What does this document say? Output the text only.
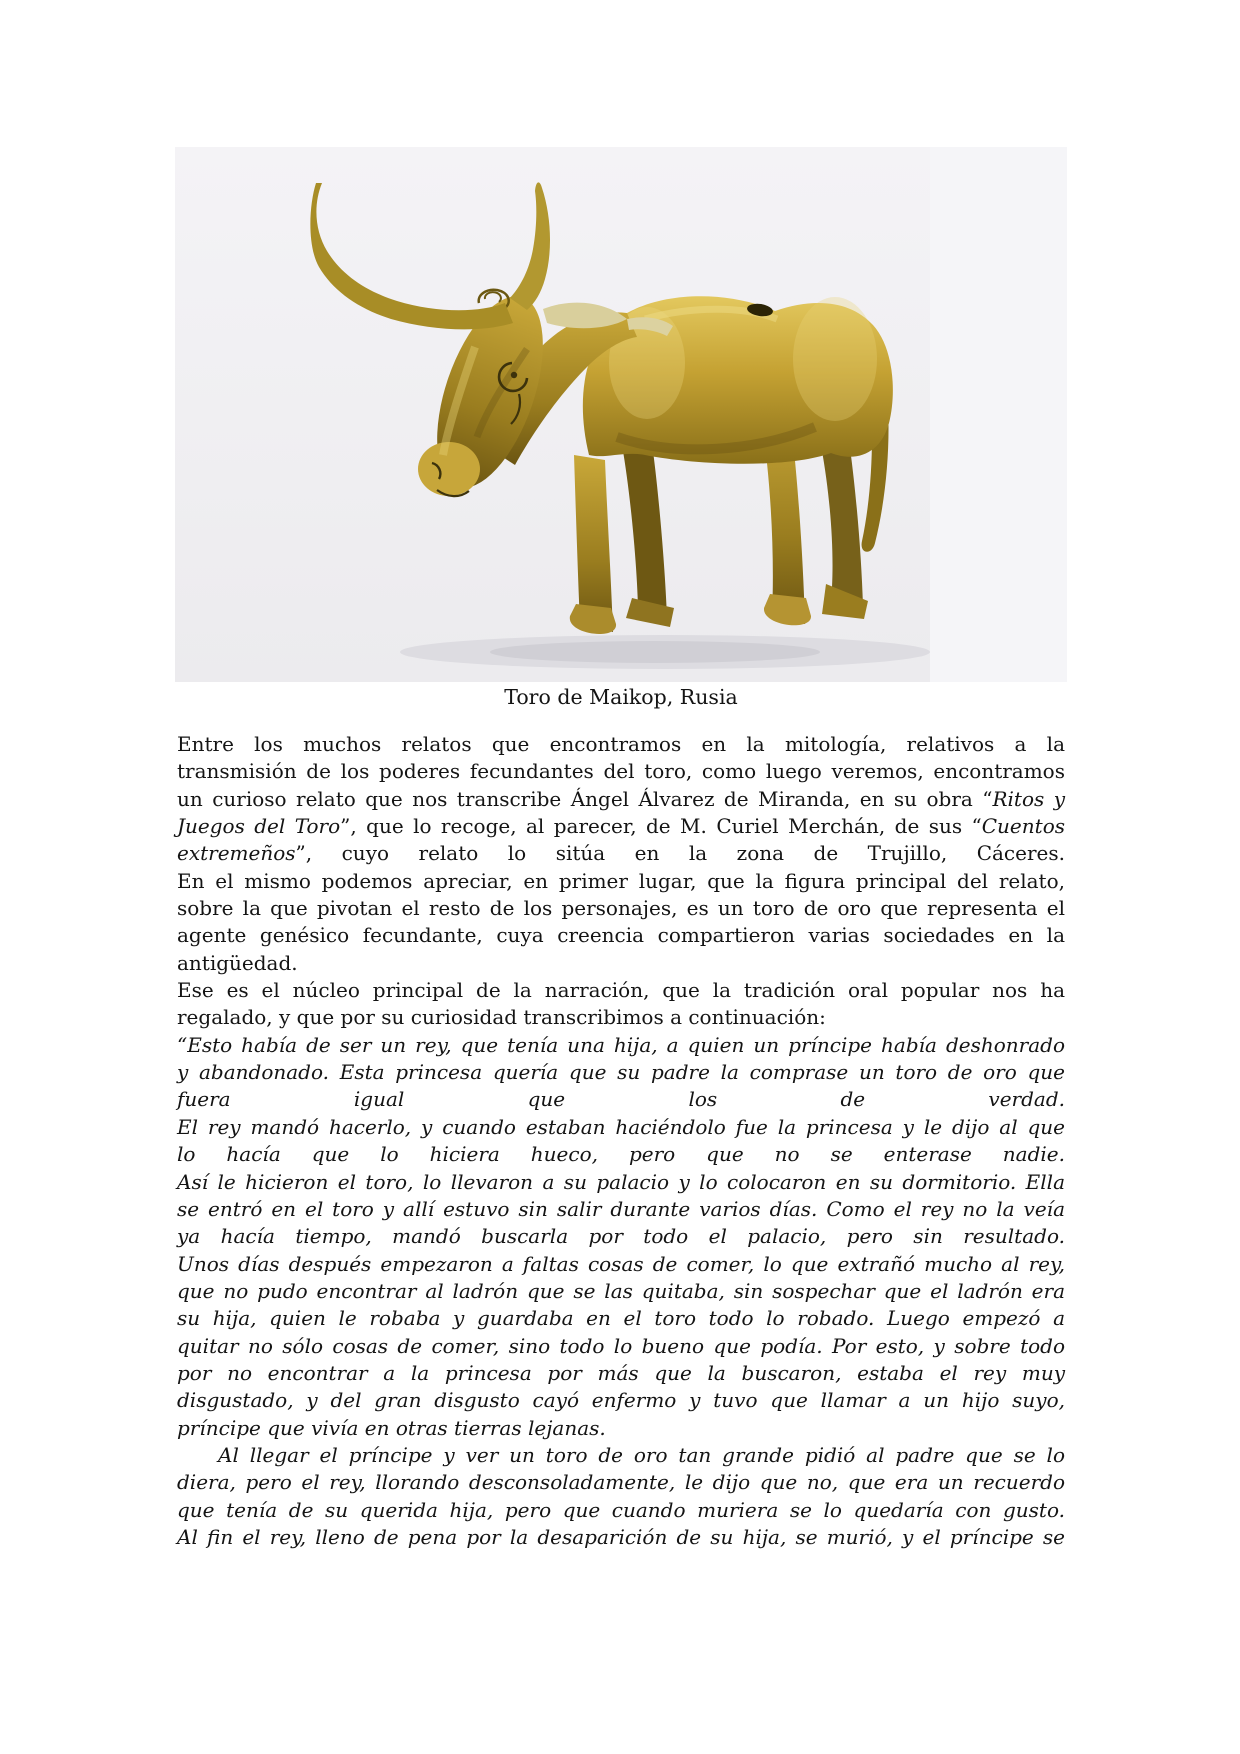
Toro de Maikop, Rusia
Entre los muchos relatos que encontramos en la mitología, relativos a la
transmisión de los poderes fecundantes del toro, como luego veremos, encontramos
un curioso relato que nos transcribe Ángel Álvarez de Miranda, en su obra “Ritos y
Juegos del Toro”, que lo recoge, al parecer, de M. Curiel Merchán, de sus “Cuentos
extremeños”, cuyo relato lo sitúa en la zona de Trujillo, Cáceres.
En el mismo podemos apreciar, en primer lugar, que la figura principal del relato,
sobre la que pivotan el resto de los personajes, es un toro de oro que representa el
agente genésico fecundante, cuya creencia compartieron varias sociedades en la
antigüedad.
Ese es el núcleo principal de la narración, que la tradición oral popular nos ha
regalado, y que por su curiosidad transcribimos a continuación:
“Esto había de ser un rey, que tenía una hija, a quien un príncipe había deshonrado
y abandonado. Esta princesa quería que su padre la comprase un toro de oro que
fuera igual que los de verdad.
El rey mandó hacerlo, y cuando estaban haciéndolo fue la princesa y le dijo al que
lo hacía que lo hiciera hueco, pero que no se enterase nadie.
Así le hicieron el toro, lo llevaron a su palacio y lo colocaron en su dormitorio. Ella
se entró en el toro y allí estuvo sin salir durante varios días. Como el rey no la veía
ya hacía tiempo, mandó buscarla por todo el palacio, pero sin resultado.
Unos días después empezaron a faltas cosas de comer, lo que extrañó mucho al rey,
que no pudo encontrar al ladrón que se las quitaba, sin sospechar que el ladrón era
su hija, quien le robaba y guardaba en el toro todo lo robado. Luego empezó a
quitar no sólo cosas de comer, sino todo lo bueno que podía. Por esto, y sobre todo
por no encontrar a la princesa por más que la buscaron, estaba el rey muy
disgustado, y del gran disgusto cayó enfermo y tuvo que llamar a un hijo suyo,
príncipe que vivía en otras tierras lejanas.
Al llegar el príncipe y ver un toro de oro tan grande pidió al padre que se lo
diera, pero el rey, llorando desconsoladamente, le dijo que no, que era un recuerdo
que tenía de su querida hija, pero que cuando muriera se lo quedaría con gusto.
Al fin el rey, lleno de pena por la desaparición de su hija, se murió, y el príncipe se
